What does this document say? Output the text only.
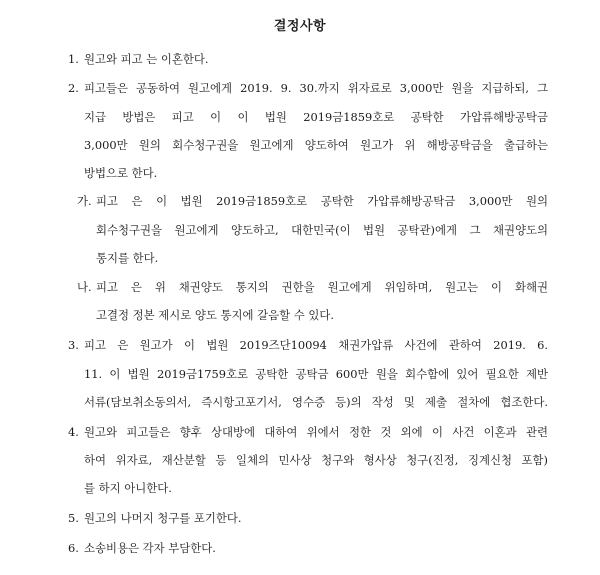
결정사항
1. 원고와 피고 는 이혼한다.
2. 피고들은 공동하여 원고에게 2019. 9. 30.까지 위자료로 3,000만 원을 지급하되, 그
지급 방법은 피고 이 이 법원 2019금1859호로 공탁한 가압류해방공탁금
3,000만 원의 회수청구권을 원고에게 양도하여 원고가 위 해방공탁금을 출급하는
방법으로 한다.
가. 피고 은 이 법원 2019금1859호로 공탁한 가압류해방공탁금 3,000만 원의
회수청구권을 원고에게 양도하고, 대한민국(이 법원 공탁관)에게 그 채권양도의
통지를 한다.
나. 피고 은 위 채권양도 통지의 권한을 원고에게 위임하며, 원고는 이 화해권
고결정 정본 제시로 양도 통지에 갈음할 수 있다.
3. 피고 은 원고가 이 법원 2019즈단10094 채권가압류 사건에 관하여 2019. 6.
11. 이 법원 2019금1759호로 공탁한 공탁금 600만 원을 회수함에 있어 필요한 제반
서류(담보취소동의서, 즉시항고포기서, 영수증 등)의 작성 및 제출 절차에 협조한다.
4. 원고와 피고들은 향후 상대방에 대하여 위에서 정한 것 외에 이 사건 이혼과 관련
하여 위자료, 재산분할 등 일체의 민사상 청구와 형사상 청구(진정, 징계신청 포함)
를 하지 아니한다.
5. 원고의 나머지 청구를 포기한다.
6. 소송비용은 각자 부담한다.
